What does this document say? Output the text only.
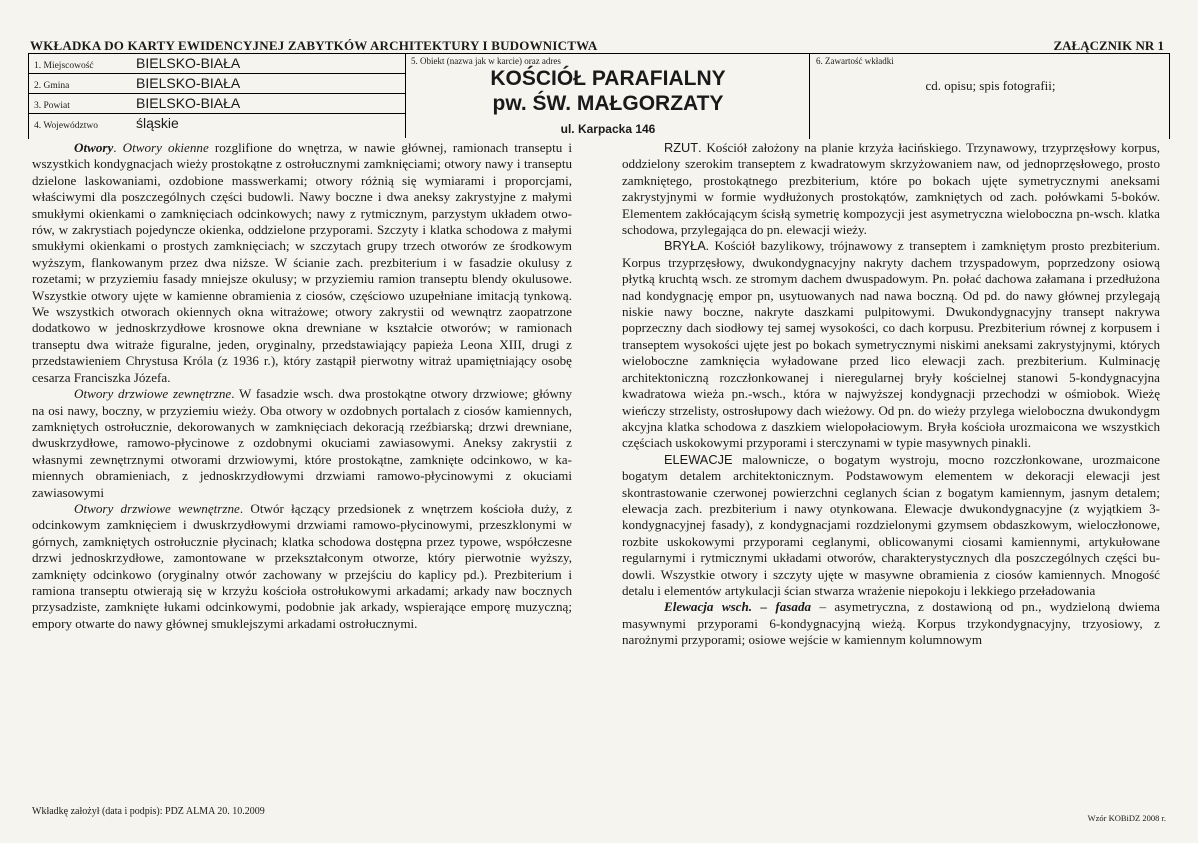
WKŁADKA DO KARTY EWIDENCYJNEJ ZABYTKÓW ARCHITEKTURY I BUDOWNICTWA	ZAŁĄCZNIK NR 1
1. Miejscowość	BIELSKO-BIAŁA
2. Gmina	BIELSKO-BIAŁA
3. Powiat	BIELSKO-BIAŁA
4. Województwo	śląskie
5. Obiekt (nazwa jak w karcie) oraz adres
KOŚCIÓŁ PARAFIALNY
pw. ŚW. MAŁGORZATY
ul. Karpacka 146
6. Zawartość wkładki
cd. opisu; spis fotografii;

Otwory. Otwory okienne rozglifione do wnętrza, w nawie głównej, ramionach transeptu i wszystkich kondygnacjach wieży prostokątne z ostrołucznymi zamknięciami; otwory nawy i transeptu dzielone laskowaniami, ozdobione masswerkami; otwory różnią się wymiarami i proporcjami, właściwymi dla poszczególnych części budowli. Nawy boczne i dwa aneksy zakrystyjne z małymi smukłymi okienkami o zamknięciach odcinkowych; nawy z rytmicznym, parzystym układem otworów, w zakrystiach pojedyncze okienka, oddzielone przyporami. Szczyty i klatka schodowa z małymi smukłymi okienkami o prostych zamknięciach; w szczytach grupy trzech otworów ze środkowym wyższym, flankowanym przez dwa niższe. W ścianie zach. prezbiterium i w fasadzie okulusy z rozetami; w przyziemiu fasady mniejsze okulusy; w przyziemiu ramion transeptu blendy okulusowe. Wszystkie otwory ujęte w kamienne obramienia z ciosów, częściowo uzupełniane imitacją tynkową. We wszystkich otworach okiennych okna witrażowe; otwory zakrystii od wewnątrz zaopatrzone dodatkowo w jednoskrzydłowe krosnowe okna drewniane w kształcie otworów; w ramionach transeptu dwa witraże figuralne, jeden, oryginalny, przedstawiający papieża Leona XIII, drugi z przedstawieniem Chrystusa Króla (z 1936 r.), który zastąpił pierwotny witraż upamiętniający osobę cesarza Franciszka Józefa.

Otwory drzwiowe zewnętrzne. W fasadzie wsch. dwa prostokątne otwory drzwiowe; główny na osi nawy, boczny, w przyziemiu wieży. Oba otwory w ozdobnych portalach z ciosów kamiennych, zamkniętych ostrołucznie, dekorowanych w zamknięciach dekoracją rzeźbiarską; drzwi drewniane, dwuskrzydłowe, ramowo-płycinowe z ozdobnymi okuciami zawiasowymi. Aneksy zakrystii z własnymi zewnętrznymi otworami drzwiowymi, które prostokątne, zamknięte odcinkowo, w kamiennych obramieniach, z jednoskrzydłowymi drzwiami ramowo-płycinowymi z okuciami zawiasowymi

Otwory drzwiowe wewnętrzne. Otwór łączący przedsionek z wnętrzem kościoła duży, z odcinkowym zamknięciem i dwuskrzydłowymi drzwiami ramowo-płycinowymi, przeszklonymi w górnych, zamkniętych ostrołucznie płycinach; klatka schodowa dostępna przez typowe, współczesne drzwi jednoskrzydłowe, zamontowane w przekształconym otworze, który pierwotnie wyższy, zamknięty odcinkowo (oryginalny otwór zachowany w przejściu do kaplicy pd.). Prezbiterium i ramiona transeptu otwierają się w krzyżu kościoła ostrołukowymi arkadami; arkady naw bocznych przysadziste, zamknięte łukami odcinkowymi, podobnie jak arkady, wspierające emporę muzyczną; empory otwarte do nawy głównej smuklejszymi arkadami ostrołucznymi.

RZUT. Kościół założony na planie krzyża łacińskiego. Trzynawowy, trzyprzęsłowy korpus, oddzielony szerokim transeptem z kwadratowym skrzyżowaniem naw, od jednoprzęsłowego, prosto zamkniętego, prostokątnego prezbiterium, które po bokach ujęte symetrycznymi aneksami zakrystyjnymi w formie wydłużonych prostokątów, zamkniętych od zach. połówkami 5-boków. Elementem zakłócającym ścisłą symetrię kompozycji jest asymetryczna wieloboczna pn-wsch. klatka schodowa, przylegająca do pn. elewacji wieży.

BRYŁA. Kościół bazylikowy, trójnawowy z transeptem i zamkniętym prosto prezbiterium. Korpus trzyprzęsłowy, dwukondygnacyjny nakryty dachem trzyspadowym, poprzedzony osiową płytką kruchtą wsch. ze stromym dachem dwuspadowym. Pn. połać dachowa załamana i przedłużona nad kondygnację empor pn, usytuowanych nad nawa boczną. Od pd. do nawy głównej przylegają niskie nawy boczne, nakryte daszkami pulpitowymi. Dwukondygnacyjny transept nakrywa poprzeczny dach siodłowy tej samej wysokości, co dach korpusu. Prezbiterium równej z korpusem i transeptem wysokości ujęte jest po bokach symetrycznymi niskimi aneksami zakrystyjnymi, których wieloboczne zamknięcia wyładowane przed lico elewacji zach. prezbiterium. Kulminację architektoniczną rozczłonkowanej i nieregularnej bryły kościelnej stanowi 5-kondygnacyjna kwadratowa wieża pn.-wsch., która w najwyższej kondygnacji przechodzi w ośmiobok. Wieżę wieńczy strzelisty, ostrosłupowy dach wieżowy. Od pn. do wieży przylega wieloboczna dwukondygm akcyjna klatka schodowa z daszkiem wielopołaciowym. Bryła kościoła urozmaicona we wszystkich częściach uskokowymi przyporami i sterczynami w typie masywnych pinakli.

ELEWACJE malownicze, o bogatym wystroju, mocno rozczłonkowane, urozmaicone bogatym detalem architektonicznym. Podstawowym elementem w dekoracji elewacji jest skontrastowanie czerwonej powierzchni ceglanych ścian z bogatym kamiennym, jasnym detalem; elewacja zach. prezbiterium i nawy otynkowana. Elewacje dwukondygnacyjne (z wyjątkiem 3-kondygnacyjnej fasady), z kondygnacjami rozdzielonymi gzymsem obdaszkowym, wieloczłonowe, rozbite uskokowymi przyporami ceglanymi, oblicowanymi ciosami kamiennymi, artykułowane regularnymi i rytmicznymi układami otworów, charakterystycznych dla poszczególnych części budowli. Wszystkie otwory i szczyty ujęte w masywne obramienia z ciosów kamiennych. Mnogość detalu i elementów artykulacji ścian stwarza wrażenie niepokoju i lekkiego przeładowania

Elewacja wsch. – fasada – asymetryczna, z dostawioną od pn., wydzieloną dwiema masywnymi przyporami 6-kondygnacyjną wieżą. Korpus trzykondygnacyjny, trzyosiowy, z narożnymi przyporami; osiowe wejście w kamiennym kolumnowym

Wkładkę założył (data i podpis): PDZ ALMA 20. 10.2009
Wzór KOBiDZ 2008 r.
